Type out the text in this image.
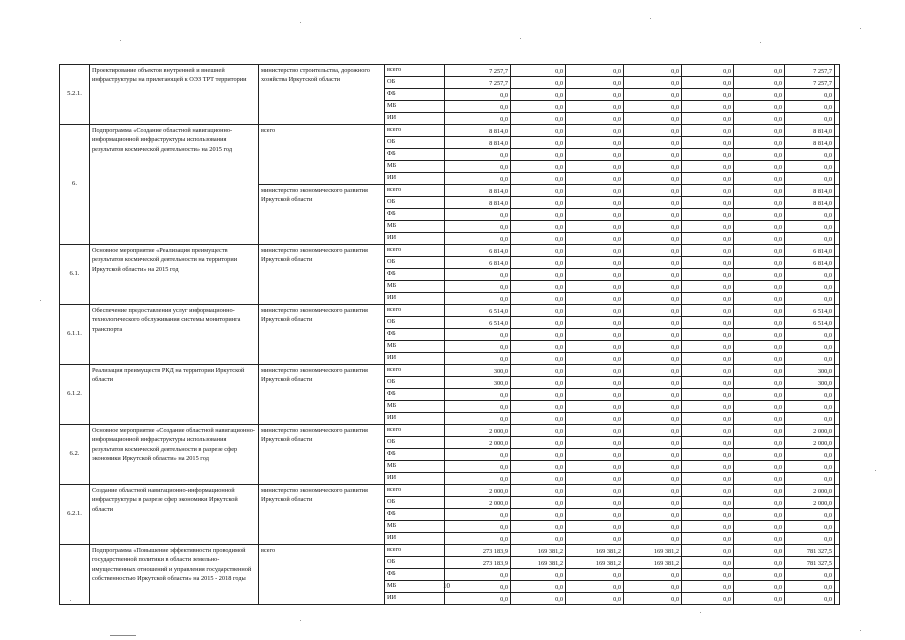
5.2.1.	Проектирование объектов внутренней и внешней инфраструктуры на прилегающей к ОЭЗ ТРТ территории	министерство строительства, дорожного хозяйства Иркутской области	всего	7 257,7	0,0	0,0	0,0	0,0	0,0	7 257,7	
			ОБ	7 257,7	0,0	0,0	0,0	0,0	0,0	7 257,7	
			ФБ	0,0	0,0	0,0	0,0	0,0	0,0	0,0	
			МБ	0,0	0,0	0,0	0,0	0,0	0,0	0,0	
			ИИ	0,0	0,0	0,0	0,0	0,0	0,0	0,0	
6.	Подпрограмма «Создание областной навигационно-информационной инфраструктуры использования результатов космической деятельности» на 2015 год	всего	всего	8 814,0	0,0	0,0	0,0	0,0	0,0	8 814,0	
			ОБ	8 814,0	0,0	0,0	0,0	0,0	0,0	8 814,0	
			ФБ	0,0	0,0	0,0	0,0	0,0	0,0	0,0	
			МБ	0,0	0,0	0,0	0,0	0,0	0,0	0,0	
			ИИ	0,0	0,0	0,0	0,0	0,0	0,0	0,0	
		министерство экономического развития Иркутской области	всего	8 814,0	0,0	0,0	0,0	0,0	0,0	8 814,0	
			ОБ	8 814,0	0,0	0,0	0,0	0,0	0,0	8 814,0	
			ФБ	0,0	0,0	0,0	0,0	0,0	0,0	0,0	
			МБ	0,0	0,0	0,0	0,0	0,0	0,0	0,0	
			ИИ	0,0	0,0	0,0	0,0	0,0	0,0	0,0	
6.1.	Основное мероприятие «Реализация преимуществ результатов космической деятельности на территории Иркутской области» на 2015 год	министерство экономического развития Иркутской области	всего	6 814,0	0,0	0,0	0,0	0,0	0,0	6 814,0	
			ОБ	6 814,0	0,0	0,0	0,0	0,0	0,0	6 814,0	
			ФБ	0,0	0,0	0,0	0,0	0,0	0,0	0,0	
			МБ	0,0	0,0	0,0	0,0	0,0	0,0	0,0	
			ИИ	0,0	0,0	0,0	0,0	0,0	0,0	0,0	
6.1.1.	Обеспечение предоставления услуг информационно-технологического обслуживания системы мониторинга транспорта	министерство экономического развития Иркутской области	всего	6 514,0	0,0	0,0	0,0	0,0	0,0	6 514,0	
			ОБ	6 514,0	0,0	0,0	0,0	0,0	0,0	6 514,0	
			ФБ	0,0	0,0	0,0	0,0	0,0	0,0	0,0	
			МБ	0,0	0,0	0,0	0,0	0,0	0,0	0,0	
			ИИ	0,0	0,0	0,0	0,0	0,0	0,0	0,0	
6.1.2.	Реализация преимуществ РКД на территории Иркутской области	министерство экономического развития Иркутской области	всего	300,0	0,0	0,0	0,0	0,0	0,0	300,0	
			ОБ	300,0	0,0	0,0	0,0	0,0	0,0	300,0	
			ФБ	0,0	0,0	0,0	0,0	0,0	0,0	0,0	
			МБ	0,0	0,0	0,0	0,0	0,0	0,0	0,0	
			ИИ	0,0	0,0	0,0	0,0	0,0	0,0	0,0	
6.2.	Основное мероприятие «Создание областной навигационно-информационной инфраструктуры использования результатов космической деятельности в разрезе сфер экономики Иркутской области» на 2015 год	министерство экономического развития Иркутской области	всего	2 000,0	0,0	0,0	0,0	0,0	0,0	2 000,0	
			ОБ	2 000,0	0,0	0,0	0,0	0,0	0,0	2 000,0	
			ФБ	0,0	0,0	0,0	0,0	0,0	0,0	0,0	
			МБ	0,0	0,0	0,0	0,0	0,0	0,0	0,0	
			ИИ	0,0	0,0	0,0	0,0	0,0	0,0	0,0	
6.2.1.	Создание областной навигационно-информационной инфраструктуры в разрезе сфер экономики Иркутской области	министерство экономического развития Иркутской области	всего	2 000,0	0,0	0,0	0,0	0,0	0,0	2 000,0	
			ОБ	2 000,0	0,0	0,0	0,0	0,0	0,0	2 000,0	
			ФБ	0,0	0,0	0,0	0,0	0,0	0,0	0,0	
			МБ	0,0	0,0	0,0	0,0	0,0	0,0	0,0	
			ИИ	0,0	0,0	0,0	0,0	0,0	0,0	0,0	
	Подпрограмма «Повышение эффективности проводимой государственной политики в области земельно-имущественных отношений и управления государственной собственностью Иркутской области» на 2015 - 2018 годы	всего	всего	273 183,9	169 381,2	169 381,2	169 381,2	0,0	0,0	781 327,5	
			ОБ	273 183,9	169 381,2	169 381,2	169 381,2	0,0	0,0	781 327,5	
			ФБ	0,0	0,0	0,0	0,0	0,0	0,0	0,0	
			МБ	0,0	0,0	0,0	0,0	0,0	0,0	0,0	
			ИИ	0,0	0,0	0,0	0,0	0,0	0,0	0,0	
10
